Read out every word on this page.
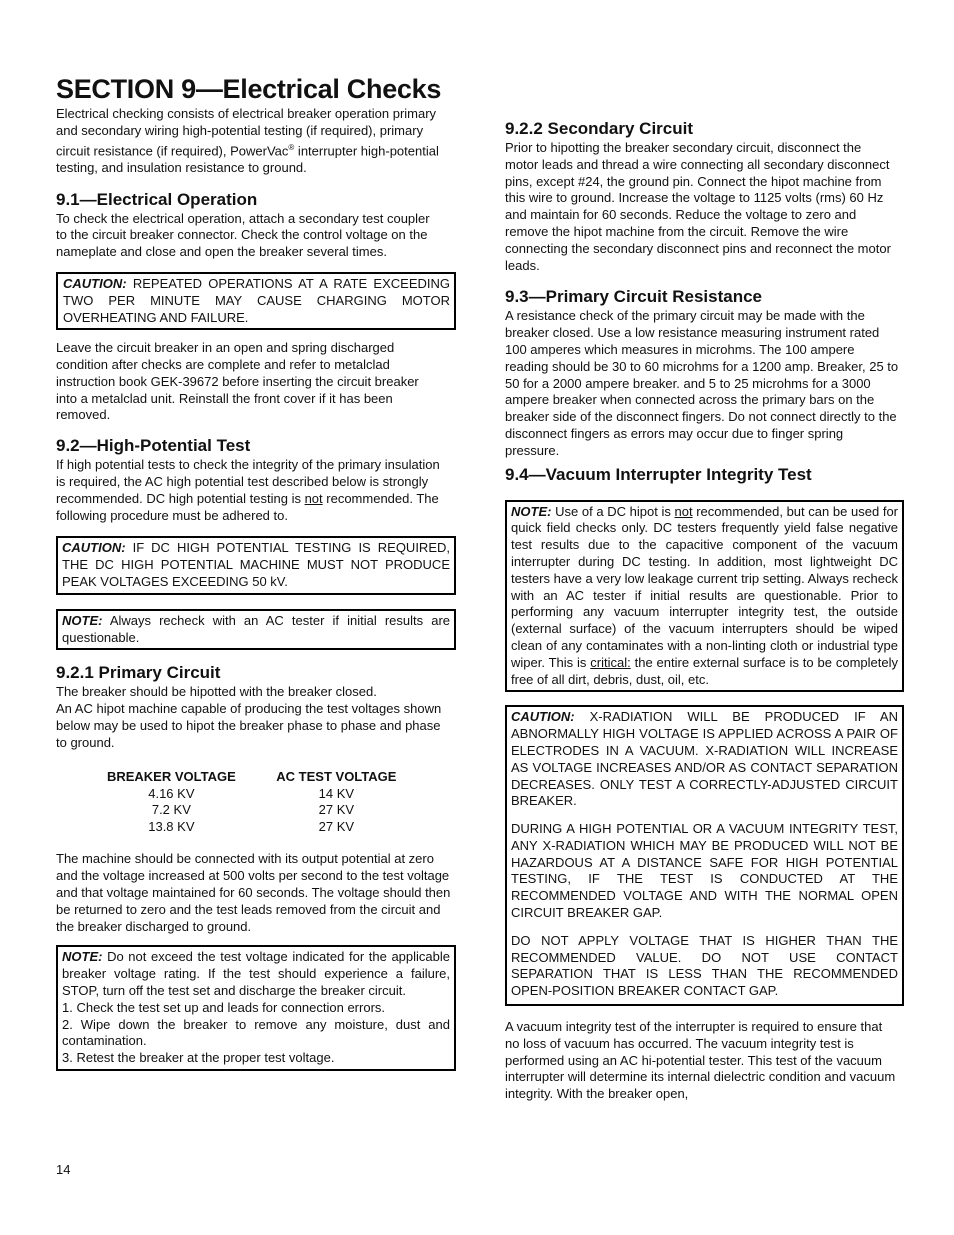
SECTION 9—Electrical Checks

Electrical checking consists of electrical breaker operation primary and secondary wiring high-potential testing (if required), primary circuit resistance (if required), PowerVac® interrupter high-potential testing, and insulation resistance to ground.

9.1—Electrical Operation

To check the electrical operation, attach a secondary test coupler to the circuit breaker connector. Check the control voltage on the nameplate and close and open the breaker several times.

CAUTION: REPEATED OPERATIONS AT A RATE EXCEEDING TWO PER MINUTE MAY CAUSE CHARGING MOTOR OVERHEATING AND FAILURE.

Leave the circuit breaker in an open and spring discharged condition after checks are complete and refer to metalclad instruction book GEK-39672 before inserting the circuit breaker into a metalclad unit. Reinstall the front cover if it has been removed.

9.2—High-Potential Test

If high potential tests to check the integrity of the primary insulation is required, the AC high potential test described below is strongly recommended. DC high potential testing is not recommended. The following procedure must be adhered to.

CAUTION: IF DC HIGH POTENTIAL TESTING IS REQUIRED, THE DC HIGH POTENTIAL MACHINE MUST NOT PRODUCE PEAK VOLTAGES EXCEEDING 50 kV.

NOTE: Always recheck with an AC tester if initial results are questionable.

9.2.1 Primary Circuit

The breaker should be hipotted with the breaker closed.
An AC hipot machine capable of producing the test voltages shown below may be used to hipot the breaker phase to phase and phase to ground.

BREAKER VOLTAGE	AC TEST VOLTAGE
4.16 KV	14 KV
7.2 KV	27 KV
13.8 KV	27 KV

The machine should be connected with its output potential at zero and the voltage increased at 500 volts per second to the test voltage and that voltage maintained for 60 seconds. The voltage should then be returned to zero and the test leads removed from the circuit and the breaker discharged to ground.

NOTE: Do not exceed the test voltage indicated for the applicable breaker voltage rating. If the test should experience a failure, STOP, turn off the test set and discharge the breaker circuit.

1. Check the test set up and leads for connection errors.

2. Wipe down the breaker to remove any moisture, dust and contamination.

3. Retest the breaker at the proper test voltage.

9.2.2 Secondary Circuit

Prior to hipotting the breaker secondary circuit, disconnect the motor leads and thread a wire connecting all secondary disconnect pins, except #24, the ground pin. Connect the hipot machine from this wire to ground. Increase the voltage to 1125 volts (rms) 60 Hz and maintain for 60 seconds. Reduce the voltage to zero and remove the hipot machine from the circuit. Remove the wire connecting the secondary disconnect pins and reconnect the motor leads.

9.3—Primary Circuit Resistance

A resistance check of the primary circuit may be made with the breaker closed. Use a low resistance measuring instrument rated 100 amperes which measures in microhms. The 100 ampere reading should be 30 to 60 microhms for a 1200 amp. Breaker, 25 to 50 for a 2000 ampere breaker. and 5 to 25 microhms for a 3000 ampere breaker when connected across the primary bars on the breaker side of the disconnect fingers. Do not connect directly to the disconnect fingers as errors may occur due to finger spring pressure.

9.4—Vacuum Interrupter Integrity Test

NOTE: Use of a DC hipot is not recommended, but can be used for quick field checks only. DC testers frequently yield false negative test results due to the capacitive component of the vacuum interrupter during DC testing. In addition, most lightweight DC testers have a very low leakage current trip setting. Always recheck with an AC tester if initial results are questionable. Prior to performing any vacuum interrupter integrity test, the outside (external surface) of the vacuum interrupters should be wiped clean of any contaminates with a non-linting cloth or industrial type wiper. This is critical: the entire external surface is to be completely free of all dirt, debris, dust, oil, etc.

CAUTION: X-RADIATION WILL BE PRODUCED IF AN ABNORMALLY HIGH VOLTAGE IS APPLIED ACROSS A PAIR OF ELECTRODES IN A VACUUM. X-RADIATION WILL INCREASE AS VOLTAGE INCREASES AND/OR AS CONTACT SEPARATION DECREASES. ONLY TEST A CORRECTLY-ADJUSTED CIRCUIT BREAKER.

DURING A HIGH POTENTIAL OR A VACUUM INTEGRITY TEST, ANY X-RADIATION WHICH MAY BE PRODUCED WILL NOT BE HAZARDOUS AT A DISTANCE SAFE FOR HIGH POTENTIAL TESTING, IF THE TEST IS CONDUCTED AT THE RECOMMENDED VOLTAGE AND WITH THE NORMAL OPEN CIRCUIT BREAKER GAP.

DO NOT APPLY VOLTAGE THAT IS HIGHER THAN THE RECOMMENDED VALUE. DO NOT USE CONTACT SEPARATION THAT IS LESS THAN THE RECOMMENDED OPEN-POSITION BREAKER CONTACT GAP.

A vacuum integrity test of the interrupter is required to ensure that no loss of vacuum has occurred. The vacuum integrity test is performed using an AC hi-potential tester. This test of the vacuum interrupter will determine its internal dielectric condition and vacuum integrity. With the breaker open,

14
